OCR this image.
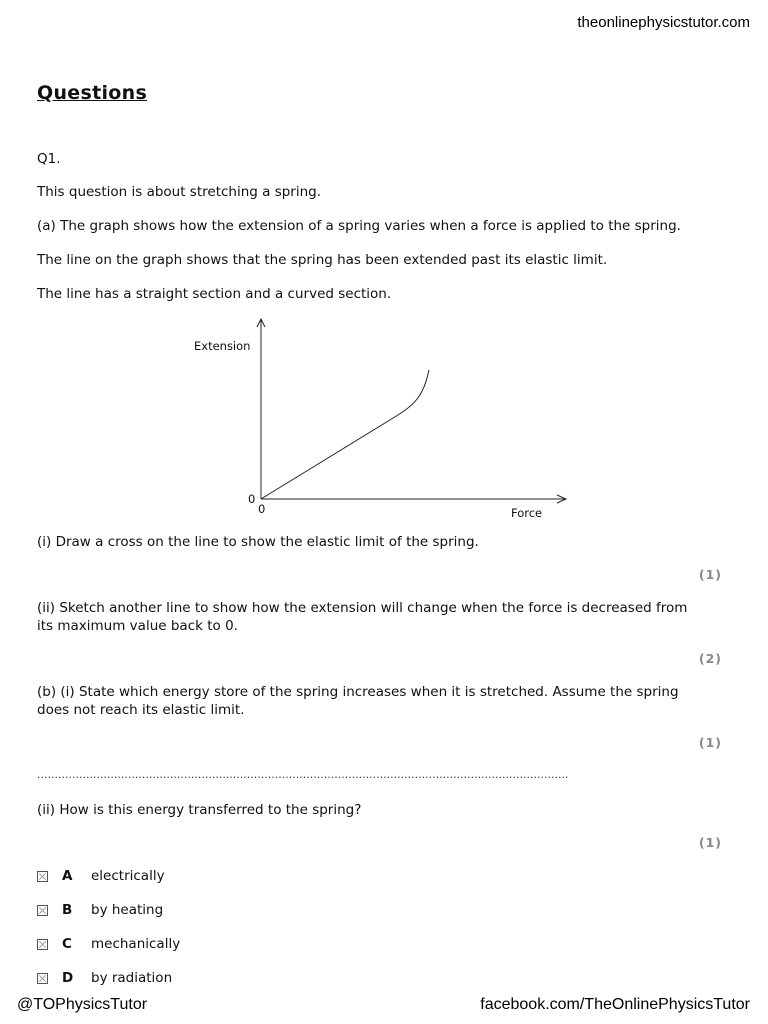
theonlinephysicstutor.com
Questions
Q1.
This question is about stretching a spring.
(a) The graph shows how the extension of a spring varies when a force is applied to the spring.
The line on the graph shows that the spring has been extended past its elastic limit.
The line has a straight section and a curved section.
Extension
Force
0
0
(i) Draw a cross on the line to show the elastic limit of the spring.
(1)
(ii) Sketch another line to show how the extension will change when the force is decreased from
its maximum value back to 0.
(2)
(b) (i) State which energy store of the spring increases when it is stretched. Assume the spring
does not reach its elastic limit.
(1)
........................................................................................................................................................
(ii) How is this energy transferred to the spring?
(1)
A	electrically
B	by heating
C	mechanically
D	by radiation
@TOPhysicsTutor	facebook.com/TheOnlinePhysicsTutor
